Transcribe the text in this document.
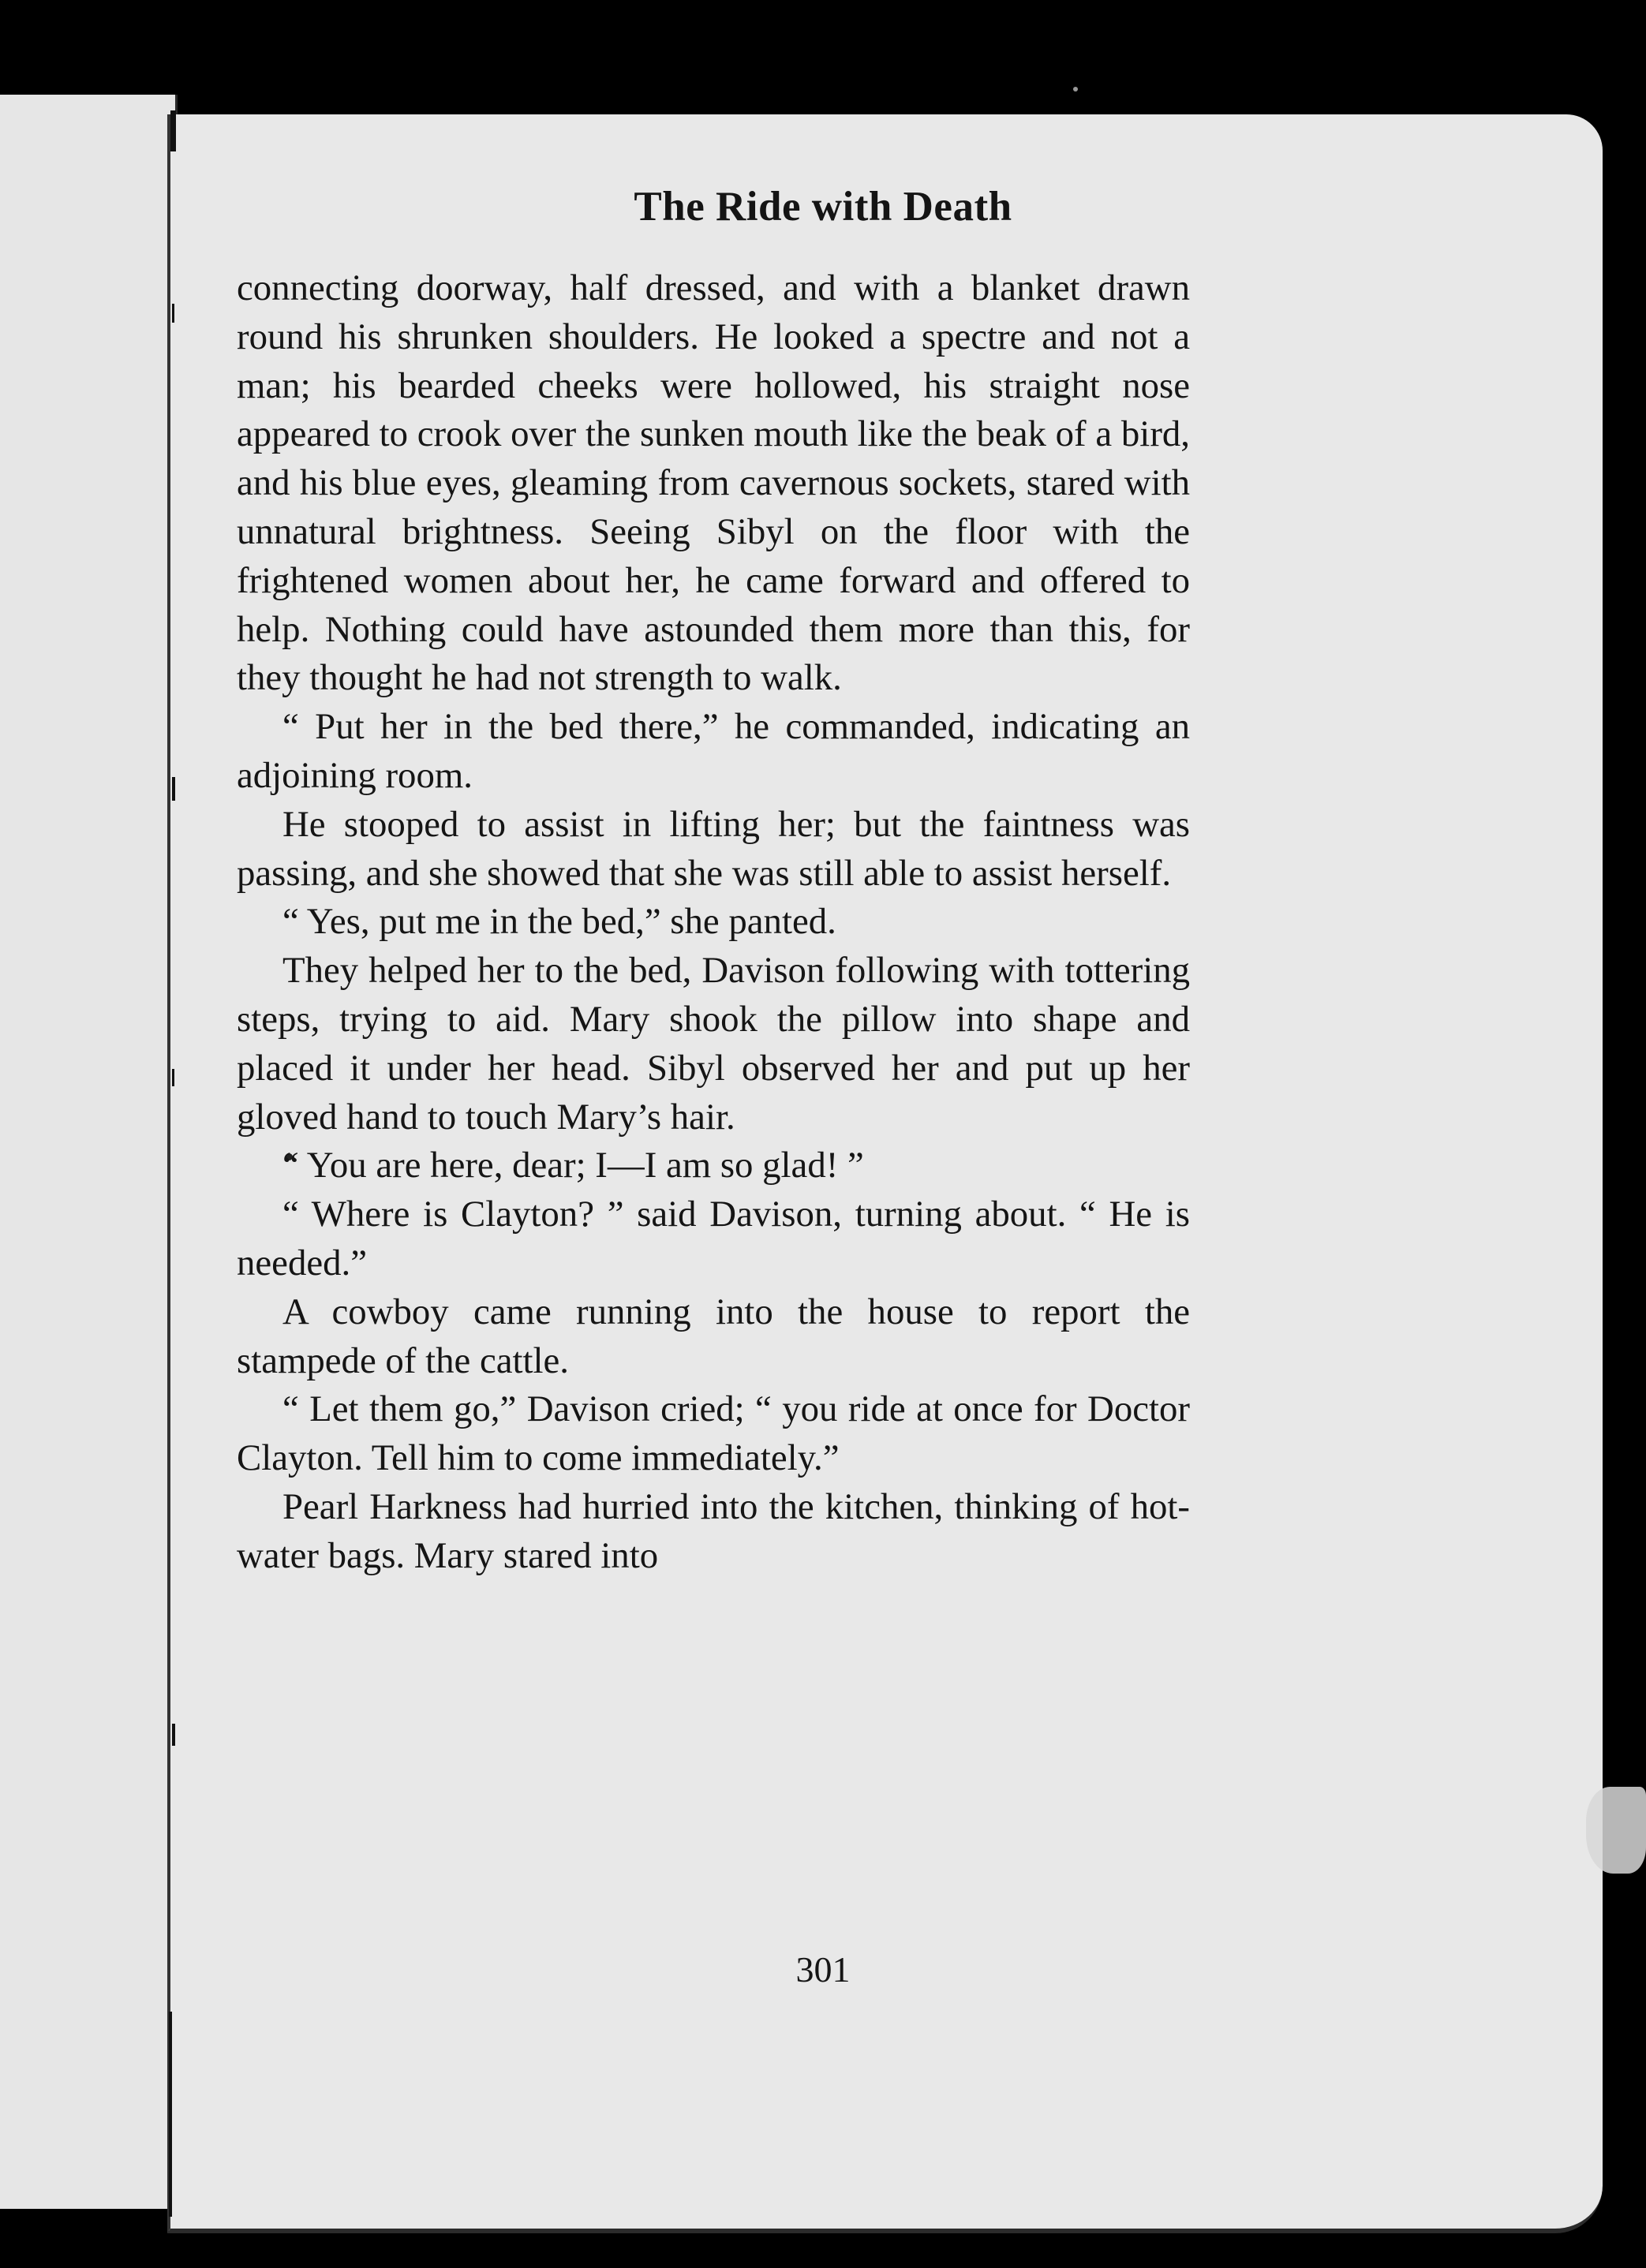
The Ride with Death

connecting doorway, half dressed, and with a blanket drawn round his shrunken shoulders. He looked a spectre and not a man; his bearded cheeks were hollowed, his straight nose appeared to crook over the sunken mouth like the beak of a bird, and his blue eyes, gleaming from cavernous sockets, stared with unnatural brightness. Seeing Sibyl on the floor with the frightened women about her, he came forward and offered to help. Nothing could have astounded them more than this, for they thought he had not strength to walk.

“ Put her in the bed there,” he commanded, indicating an adjoining room.

He stooped to assist in lifting her; but the faintness was passing, and she showed that she was still able to assist herself.

“ Yes, put me in the bed,” she panted.

They helped her to the bed, Davison following with tottering steps, trying to aid. Mary shook the pillow into shape and placed it under her head. Sibyl observed her and put up her gloved hand to touch Mary’s hair.

“ You are here, dear; I—I am so glad! ”

“ Where is Clayton? ” said Davison, turning about. “ He is needed.”

A cowboy came running into the house to report the stampede of the cattle.

“ Let them go,” Davison cried; “ you ride at once for Doctor Clayton. Tell him to come immediately.”

Pearl Harkness had hurried into the kitchen, thinking of hot-water bags. Mary stared into

301
